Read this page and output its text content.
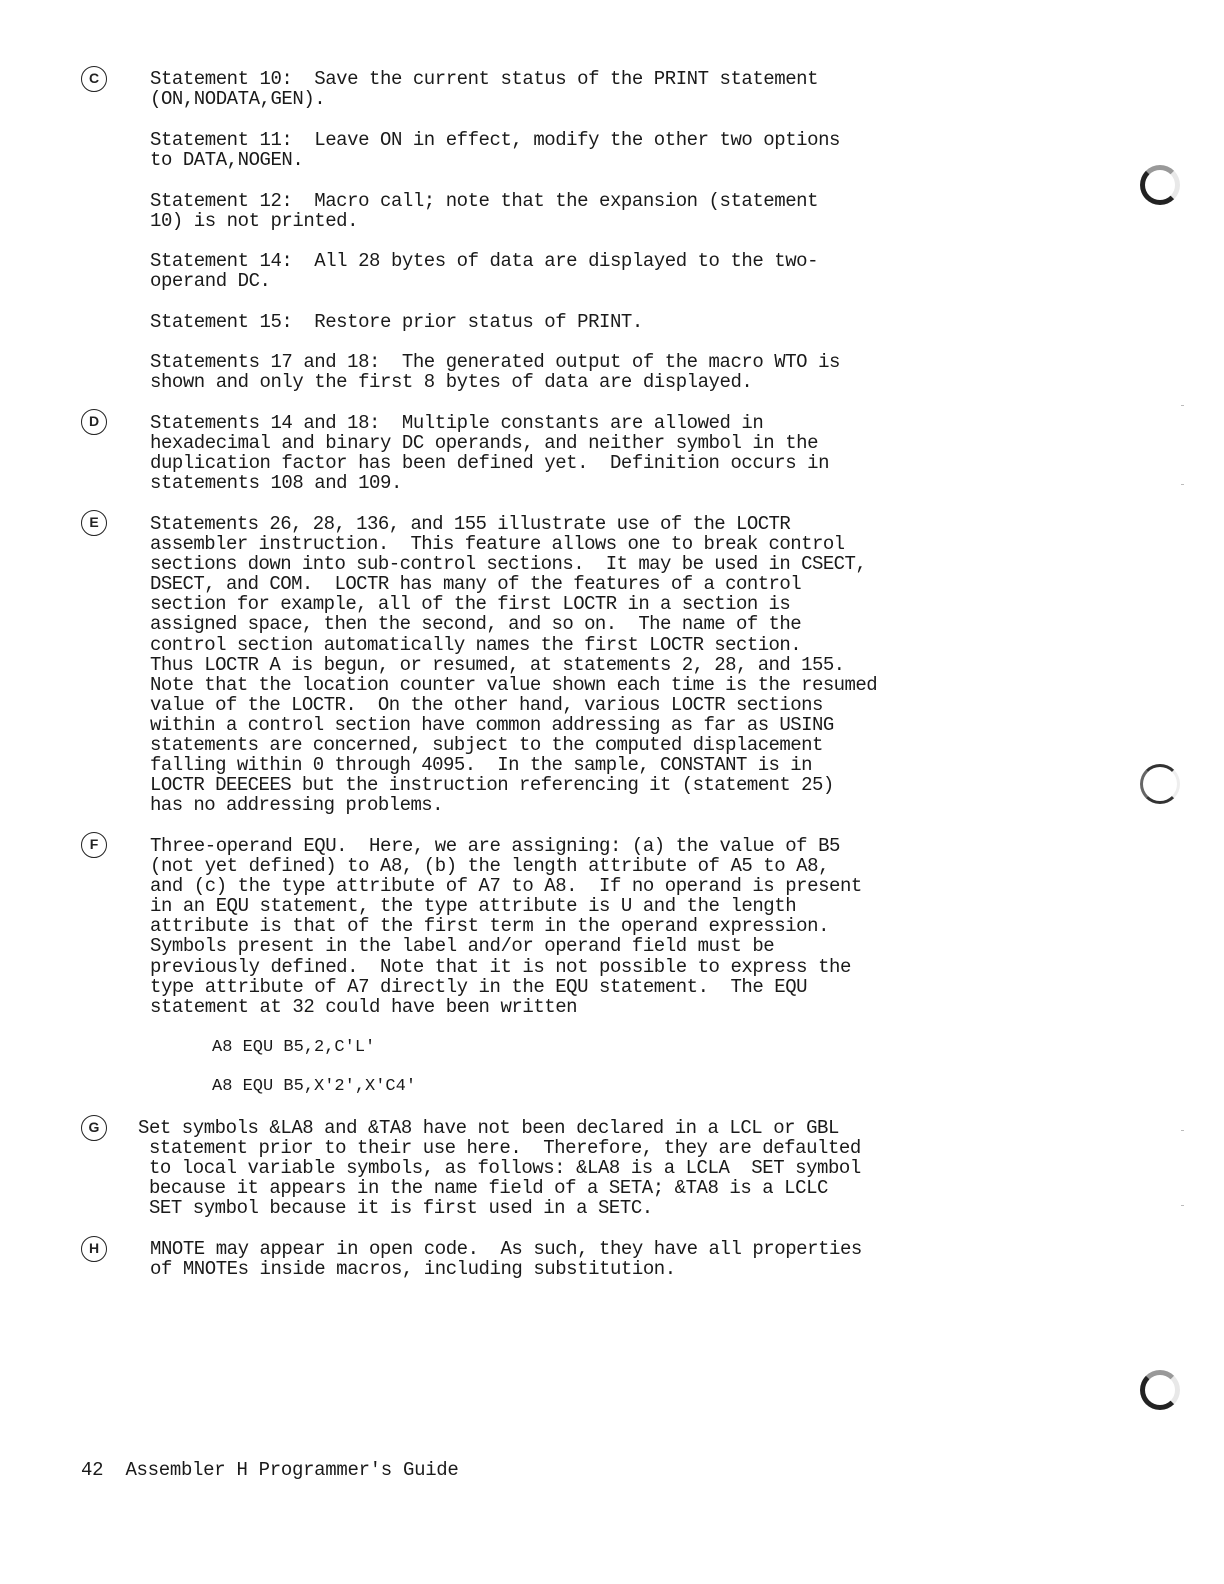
C	Statement 10:  Save the current status of the PRINT statement
(ON,NODATA,GEN).
Statement 11:  Leave ON in effect, modify the other two options
to DATA,NOGEN.
Statement 12:  Macro call; note that the expansion (statement
10) is not printed.
Statement 14:  All 28 bytes of data are displayed to the two-
operand DC.
Statement 15:  Restore prior status of PRINT.
Statements 17 and 18:  The generated output of the macro WTO is
shown and only the first 8 bytes of data are displayed.
D	Statements 14 and 18:  Multiple constants are allowed in
hexadecimal and binary DC operands, and neither symbol in the
duplication factor has been defined yet.  Definition occurs in
statements 108 and 109.
E	Statements 26, 28, 136, and 155 illustrate use of the LOCTR
assembler instruction.  This feature allows one to break control
sections down into sub-control sections.  It may be used in CSECT,
DSECT, and COM.  LOCTR has many of the features of a control
section for example, all of the first LOCTR in a section is
assigned space, then the second, and so on.  The name of the
control section automatically names the first LOCTR section.
Thus LOCTR A is begun, or resumed, at statements 2, 28, and 155.
Note that the location counter value shown each time is the resumed
value of the LOCTR.  On the other hand, various LOCTR sections
within a control section have common addressing as far as USING
statements are concerned, subject to the computed displacement
falling within 0 through 4095.  In the sample, CONSTANT is in
LOCTR DEECEES but the instruction referencing it (statement 25)
has no addressing problems.
F	Three-operand EQU.  Here, we are assigning: (a) the value of B5
(not yet defined) to A8, (b) the length attribute of A5 to A8,
and (c) the type attribute of A7 to A8.  If no operand is present
in an EQU statement, the type attribute is U and the length
attribute is that of the first term in the operand expression.
Symbols present in the label and/or operand field must be
previously defined.  Note that it is not possible to express the
type attribute of A7 directly in the EQU statement.  The EQU
statement at 32 could have been written
A8 EQU B5,2,C'L'
A8 EQU B5,X'2',X'C4'
G	Set symbols &LA8 and &TA8 have not been declared in a LCL or GBL
statement prior to their use here.  Therefore, they are defaulted
to local variable symbols, as follows: &LA8 is a LCLA  SET symbol
because it appears in the name field of a SETA; &TA8 is a LCLC
SET symbol because it is first used in a SETC.
H	MNOTE may appear in open code.  As such, they have all properties
of MNOTEs inside macros, including substitution.
42 Assembler H Programmer's Guide
